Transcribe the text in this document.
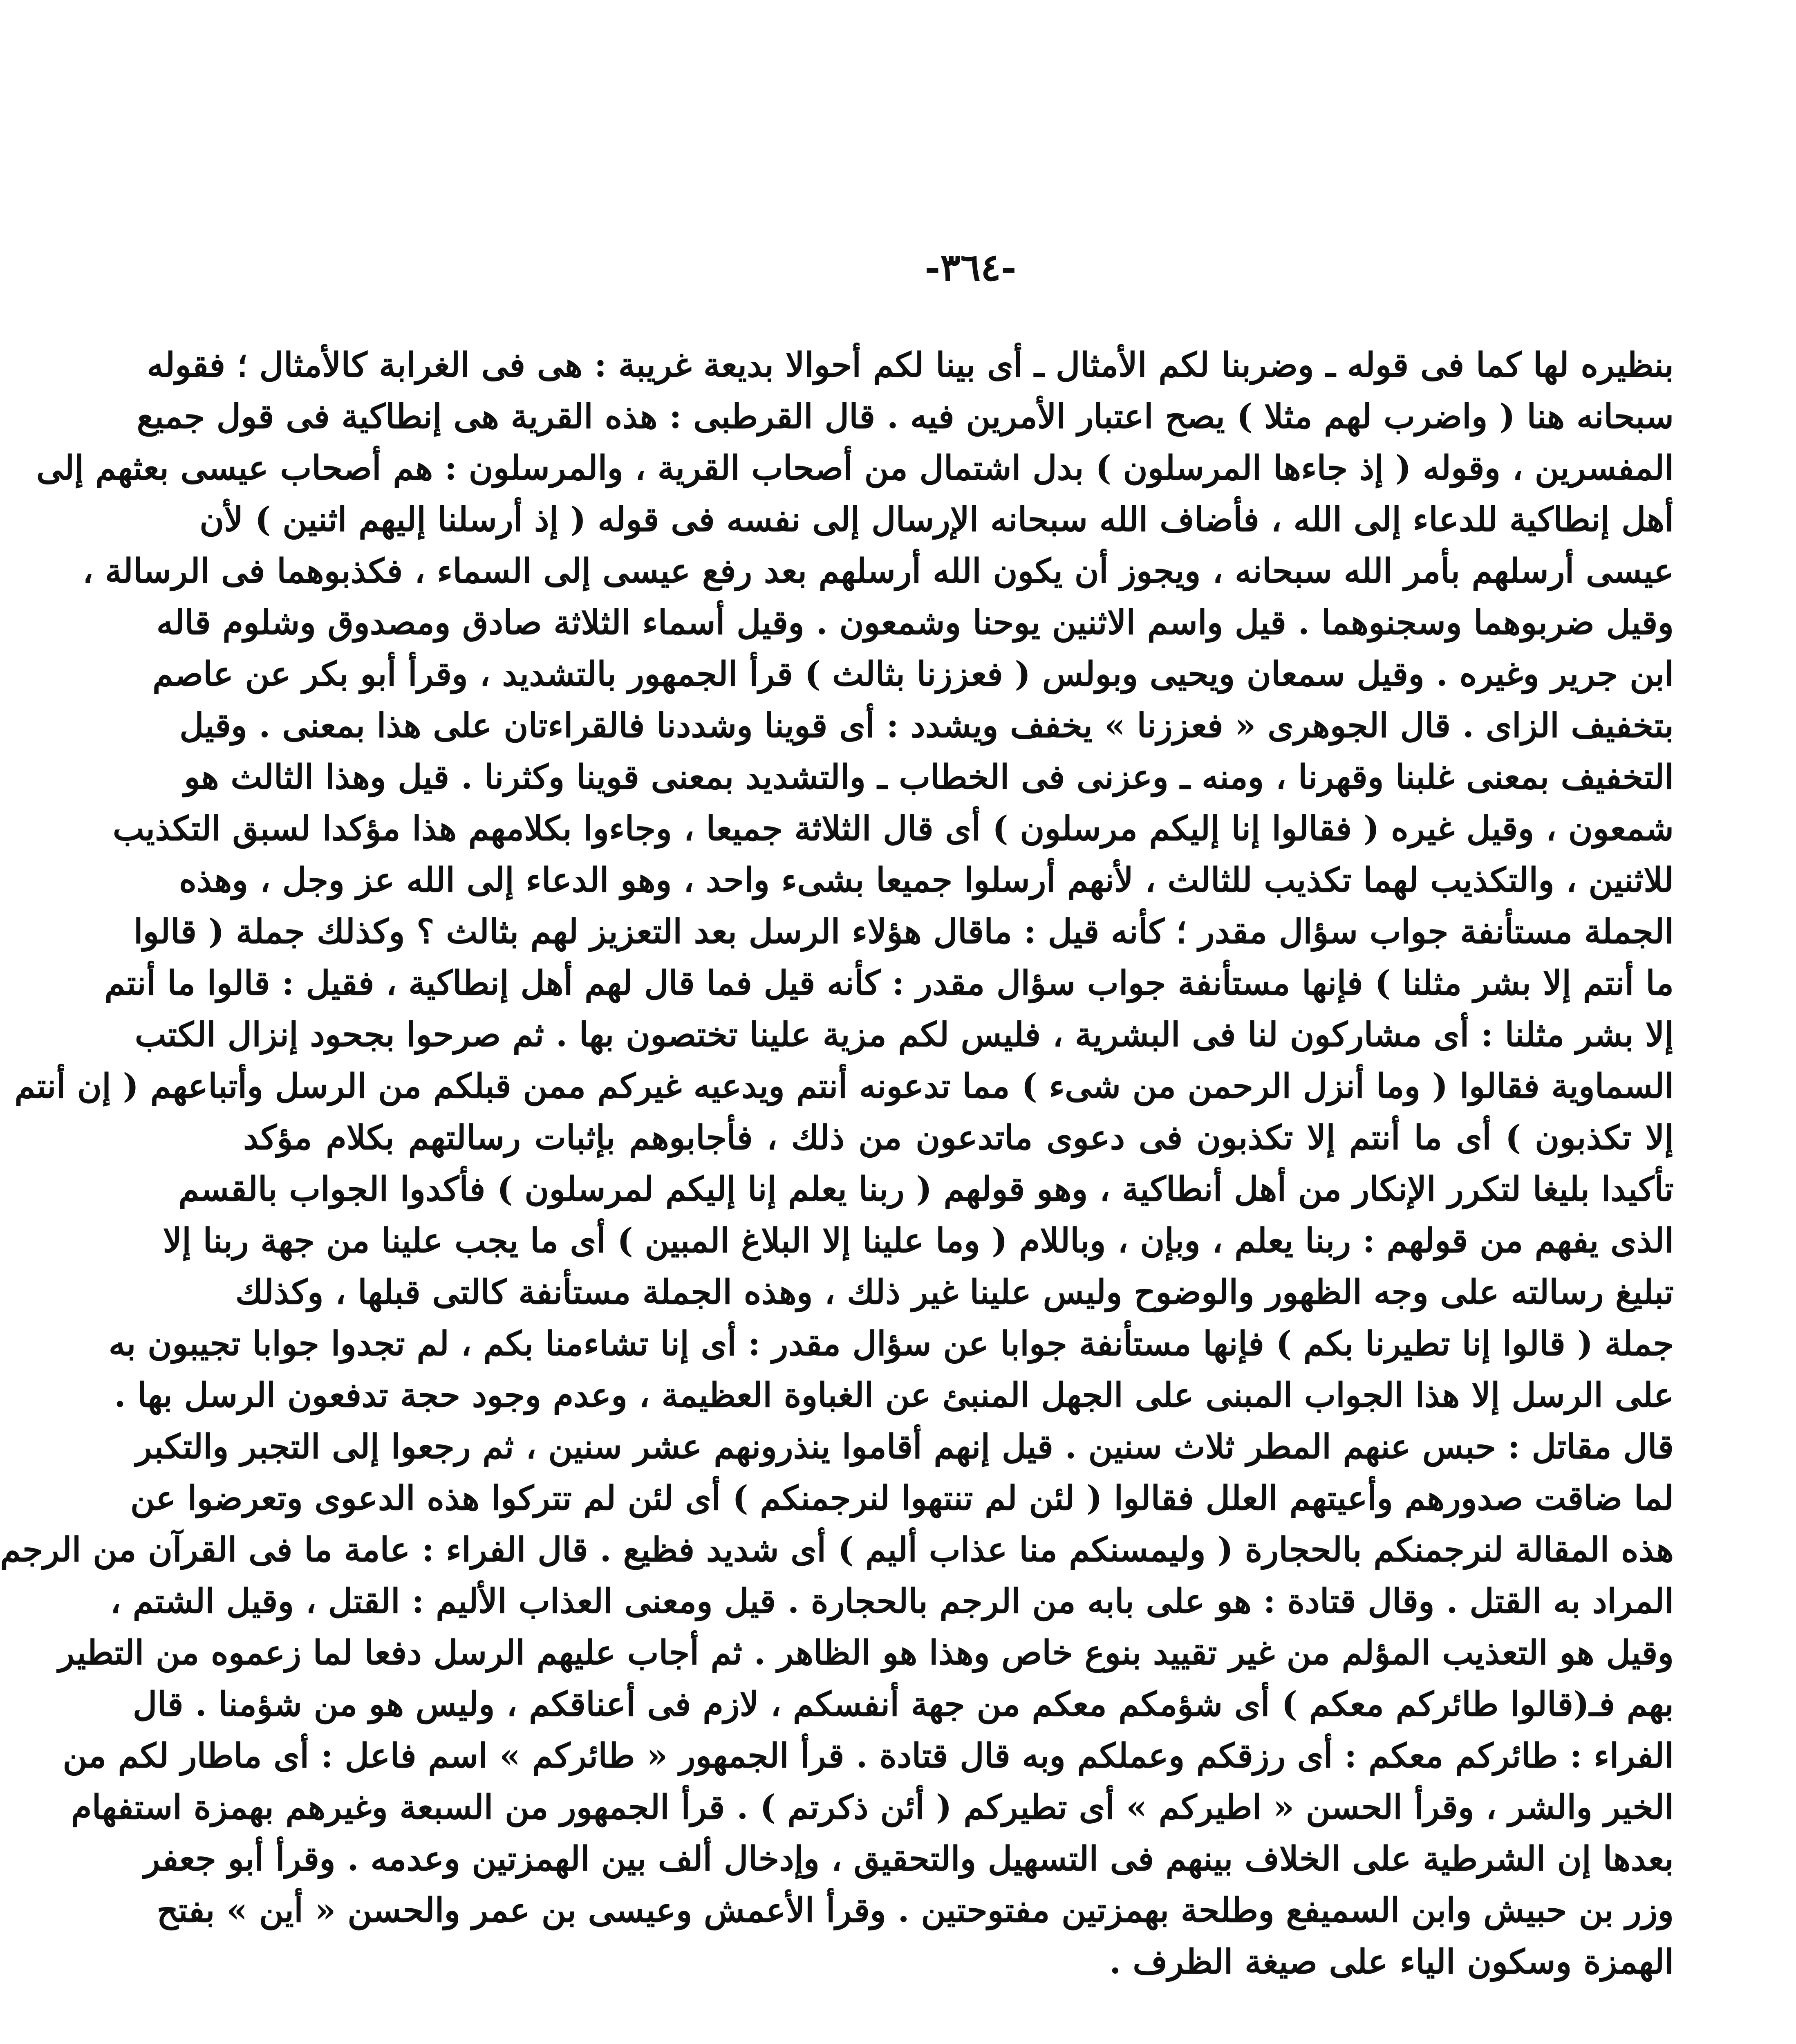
-٣٦٤-
بنظيره لها كما فى قوله ـ وضربنا لكم الأمثال ـ أى بينا لكم أحوالا بديعة غريبة : هى فى الغرابة كالأمثال ؛ فقوله
سبحانه هنا ( واضرب لهم مثلا ) يصح اعتبار الأمرين فيه . قال القرطبى : هذه القرية هى إنطاكية فى قول جميع
المفسرين ، وقوله ( إذ جاءها المرسلون ) بدل اشتمال من أصحاب القرية ، والمرسلون : هم أصحاب عيسى بعثهم إلى
أهل إنطاكية للدعاء إلى الله ، فأضاف الله سبحانه الإرسال إلى نفسه فى قوله ( إذ أرسلنا إليهم اثنين ) لأن
عيسى أرسلهم بأمر الله سبحانه ، ويجوز أن يكون الله أرسلهم بعد رفع عيسى إلى السماء ، فكذبوهما فى الرسالة ،
وقيل ضربوهما وسجنوهما . قيل واسم الاثنين يوحنا وشمعون . وقيل أسماء الثلاثة صادق ومصدوق وشلوم قاله
ابن جرير وغيره . وقيل سمعان ويحيى وبولس ( فعززنا بثالث ) قرأ الجمهور بالتشديد ، وقرأ أبو بكر عن عاصم
بتخفيف الزاى . قال الجوهرى « فعززنا » يخفف ويشدد : أى قوينا وشددنا فالقراءتان على هذا بمعنى . وقيل
التخفيف بمعنى غلبنا وقهرنا ، ومنه ـ وعزنى فى الخطاب ـ والتشديد بمعنى قوينا وكثرنا . قيل وهذا الثالث هو
شمعون ، وقيل غيره ( فقالوا إنا إليكم مرسلون ) أى قال الثلاثة جميعا ، وجاءوا بكلامهم هذا مؤكدا لسبق التكذيب
للاثنين ، والتكذيب لهما تكذيب للثالث ، لأنهم أرسلوا جميعا بشىء واحد ، وهو الدعاء إلى الله عز وجل ، وهذه
الجملة مستأنفة جواب سؤال مقدر ؛ كأنه قيل : ماقال هؤلاء الرسل بعد التعزيز لهم بثالث ؟ وكذلك جملة ( قالوا
ما أنتم إلا بشر مثلنا ) فإنها مستأنفة جواب سؤال مقدر : كأنه قيل فما قال لهم أهل إنطاكية ، فقيل : قالوا ما أنتم
إلا بشر مثلنا : أى مشاركون لنا فى البشرية ، فليس لكم مزية علينا تختصون بها . ثم صرحوا بجحود إنزال الكتب
السماوية فقالوا ( وما أنزل الرحمن من شىء ) مما تدعونه أنتم ويدعيه غيركم ممن قبلكم من الرسل وأتباعهم ( إن أنتم
إلا تكذبون ) أى ما أنتم إلا تكذبون فى دعوى ماتدعون من ذلك ، فأجابوهم بإثبات رسالتهم بكلام مؤكد
تأكيدا بليغا لتكرر الإنكار من أهل أنطاكية ، وهو قولهم ( ربنا يعلم إنا إليكم لمرسلون ) فأكدوا الجواب بالقسم
الذى يفهم من قولهم : ربنا يعلم ، وبإن ، وباللام ( وما علينا إلا البلاغ المبين ) أى ما يجب علينا من جهة ربنا إلا
تبليغ رسالته على وجه الظهور والوضوح وليس علينا غير ذلك ، وهذه الجملة مستأنفة كالتى قبلها ، وكذلك
جملة ( قالوا إنا تطيرنا بكم ) فإنها مستأنفة جوابا عن سؤال مقدر : أى إنا تشاءمنا بكم ، لم تجدوا جوابا تجيبون به
على الرسل إلا هذا الجواب المبنى على الجهل المنبئ عن الغباوة العظيمة ، وعدم وجود حجة تدفعون الرسل بها .
قال مقاتل : حبس عنهم المطر ثلاث سنين . قيل إنهم أقاموا ينذرونهم عشر سنين ، ثم رجعوا إلى التجبر والتكبر
لما ضاقت صدورهم وأعيتهم العلل فقالوا ( لئن لم تنتهوا لنرجمنكم ) أى لئن لم تتركوا هذه الدعوى وتعرضوا عن
هذه المقالة لنرجمنكم بالحجارة ( وليمسنكم منا عذاب أليم ) أى شديد فظيع . قال الفراء : عامة ما فى القرآن من الرجم
المراد به القتل . وقال قتادة : هو على بابه من الرجم بالحجارة . قيل ومعنى العذاب الأليم : القتل ، وقيل الشتم ،
وقيل هو التعذيب المؤلم من غير تقييد بنوع خاص وهذا هو الظاهر . ثم أجاب عليهم الرسل دفعا لما زعموه من التطير
بهم فـ(قالوا طائركم معكم ) أى شؤمكم معكم من جهة أنفسكم ، لازم فى أعناقكم ، وليس هو من شؤمنا . قال
الفراء : طائركم معكم : أى رزقكم وعملكم وبه قال قتادة . قرأ الجمهور « طائركم » اسم فاعل : أى ماطار لكم من
الخير والشر ، وقرأ الحسن « اطيركم » أى تطيركم ( أئن ذكرتم ) . قرأ الجمهور من السبعة وغيرهم بهمزة استفهام
بعدها إن الشرطية على الخلاف بينهم فى التسهيل والتحقيق ، وإدخال ألف بين الهمزتين وعدمه . وقرأ أبو جعفر
وزر بن حبيش وابن السميفع وطلحة بهمزتين مفتوحتين . وقرأ الأعمش وعيسى بن عمر والحسن « أين » بفتح
الهمزة وسكون الياء على صيغة الظرف .
